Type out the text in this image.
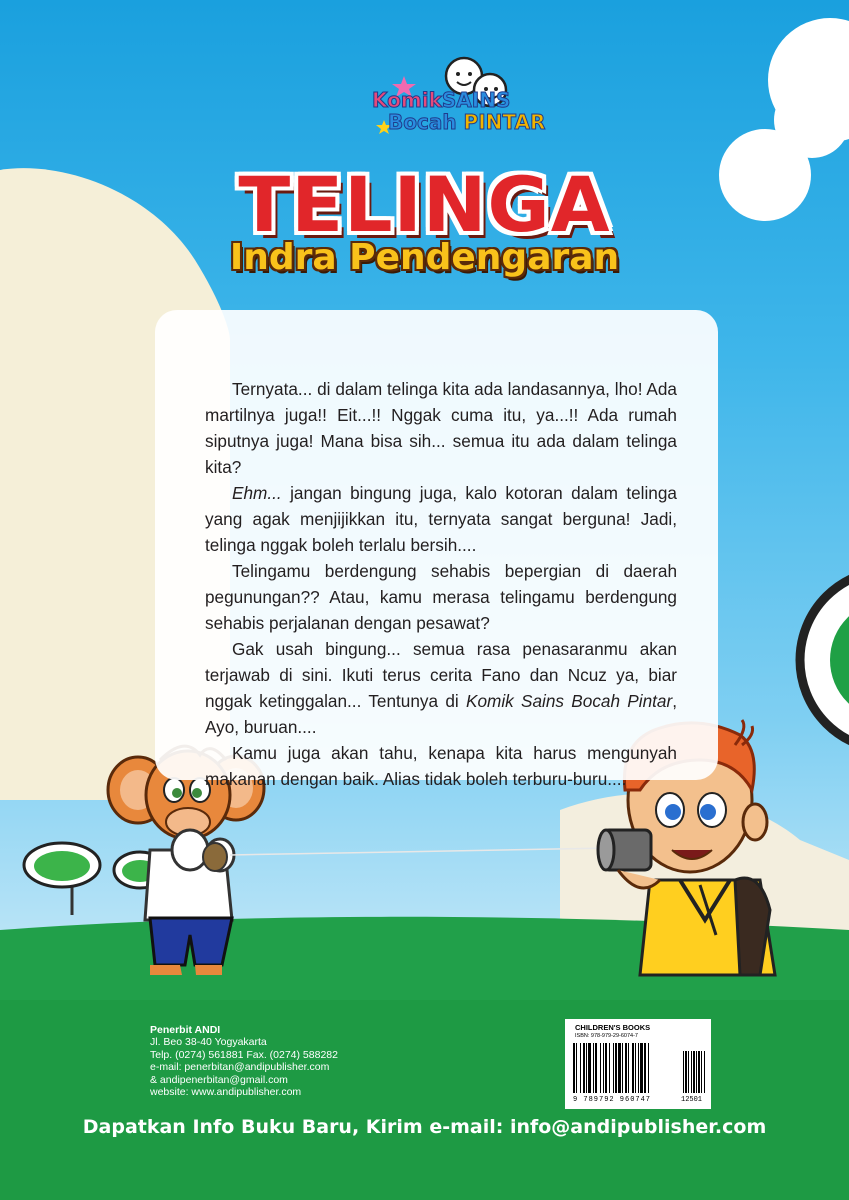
KomikSAINS
Bocah PINTAR
TELINGA
Indra Pendengaran

Ternyata... di dalam telinga kita ada landasannya, lho! Ada martilnya juga!! Eit...!! Nggak cuma itu, ya...!! Ada rumah siputnya juga! Mana bisa sih... semua itu ada dalam telinga kita?

Ehm... jangan bingung juga, kalo kotoran dalam telinga yang agak menjijikkan itu, ternyata sangat berguna! Jadi, telinga nggak boleh terlalu bersih....

Telingamu berdengung sehabis bepergian di daerah pegunungan?? Atau, kamu merasa telingamu berdengung sehabis perjalanan dengan pesawat?

Gak usah bingung... semua rasa penasaranmu akan terjawab di sini. Ikuti terus cerita Fano dan Ncuz ya, biar nggak ketinggalan... Tentunya di Komik Sains Bocah Pintar, Ayo, buruan....

Kamu juga akan tahu, kenapa kita harus mengunyah makanan dengan baik. Alias tidak boleh terburu-buru....

Penerbit ANDI
Jl. Beo 38-40 Yogyakarta
Telp. (0274) 561881 Fax. (0274) 588282
e-mail: penerbitan@andipublisher.com
& andipenerbitan@gmail.com
website: www.andipublisher.com
CHILDREN'S BOOKS
ISBN: 978-979-29-6074-7
9 789792 960747	12501
Dapatkan Info Buku Baru, Kirim e-mail: info@andipublisher.com
